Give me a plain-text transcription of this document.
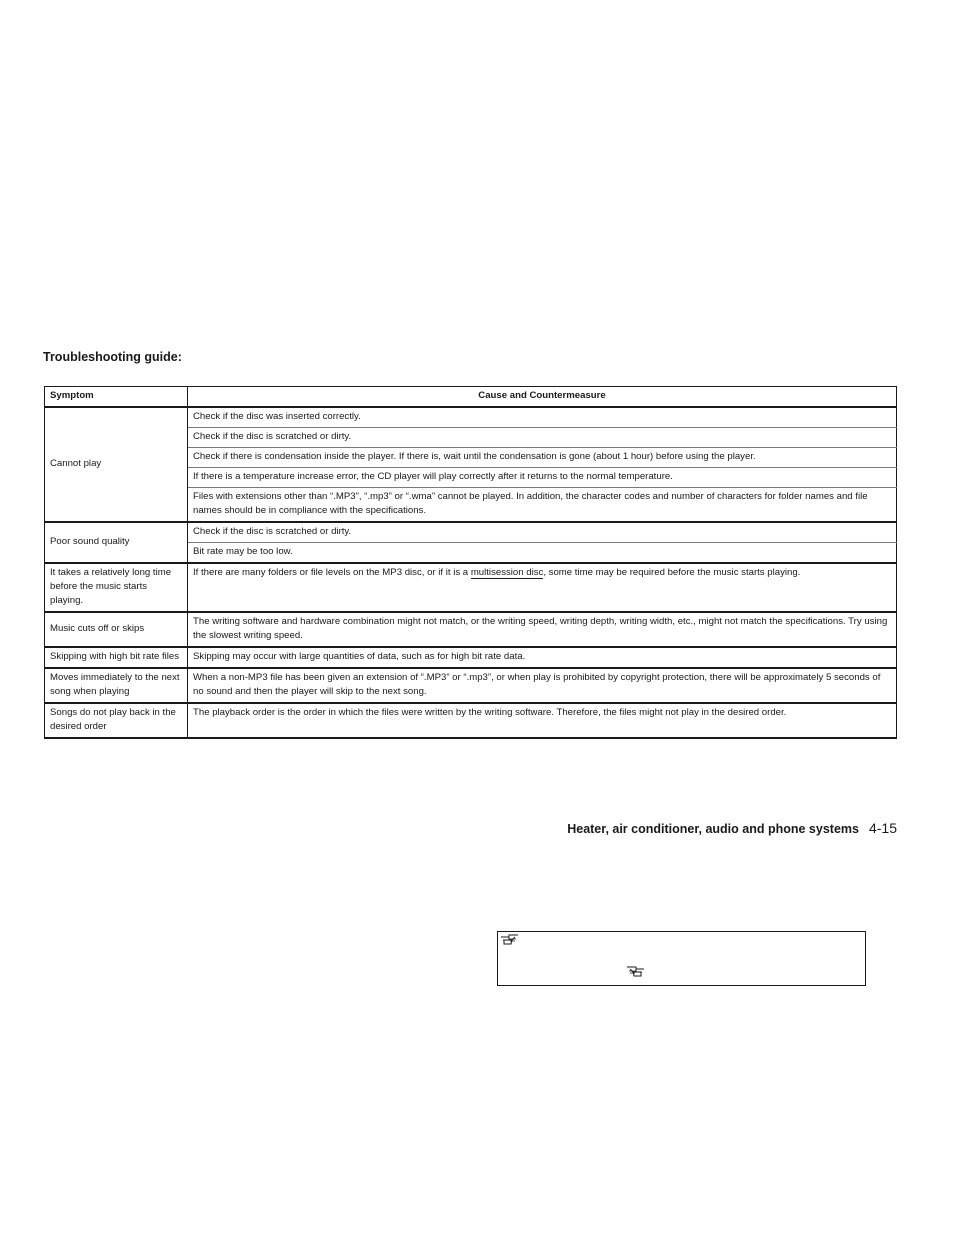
Troubleshooting guide:
Symptom	Cause and Countermeasure
Cannot play	Check if the disc was inserted correctly.
	Check if the disc is scratched or dirty.
	Check if there is condensation inside the player. If there is, wait until the condensation is gone (about 1 hour) before using the player.
	If there is a temperature increase error, the CD player will play correctly after it returns to the normal temperature.
	Files with extensions other than “.MP3”, “.mp3” or “.wma” cannot be played. In addition, the character codes and number of characters for folder names and file names should be in compliance with the specifications.
Poor sound quality	Check if the disc is scratched or dirty.
	Bit rate may be too low.
It takes a relatively long time before the music starts playing.	If there are many folders or file levels on the MP3 disc, or if it is a multisession disc, some time may be required before the music starts playing.
Music cuts off or skips	The writing software and hardware combination might not match, or the writing speed, writing depth, writing width, etc., might not match the specifications. Try using the slowest writing speed.
Skipping with high bit rate files	Skipping may occur with large quantities of data, such as for high bit rate data.
Moves immediately to the next song when playing	When a non-MP3 file has been given an extension of “.MP3” or “.mp3”, or when play is prohibited by copyright protection, there will be approximately 5 seconds of no sound and then the player will skip to the next song.
Songs do not play back in the desired order	The playback order is the order in which the files were written by the writing software. Therefore, the files might not play in the desired order.
Heater, air conditioner, audio and phone systems 4-15
